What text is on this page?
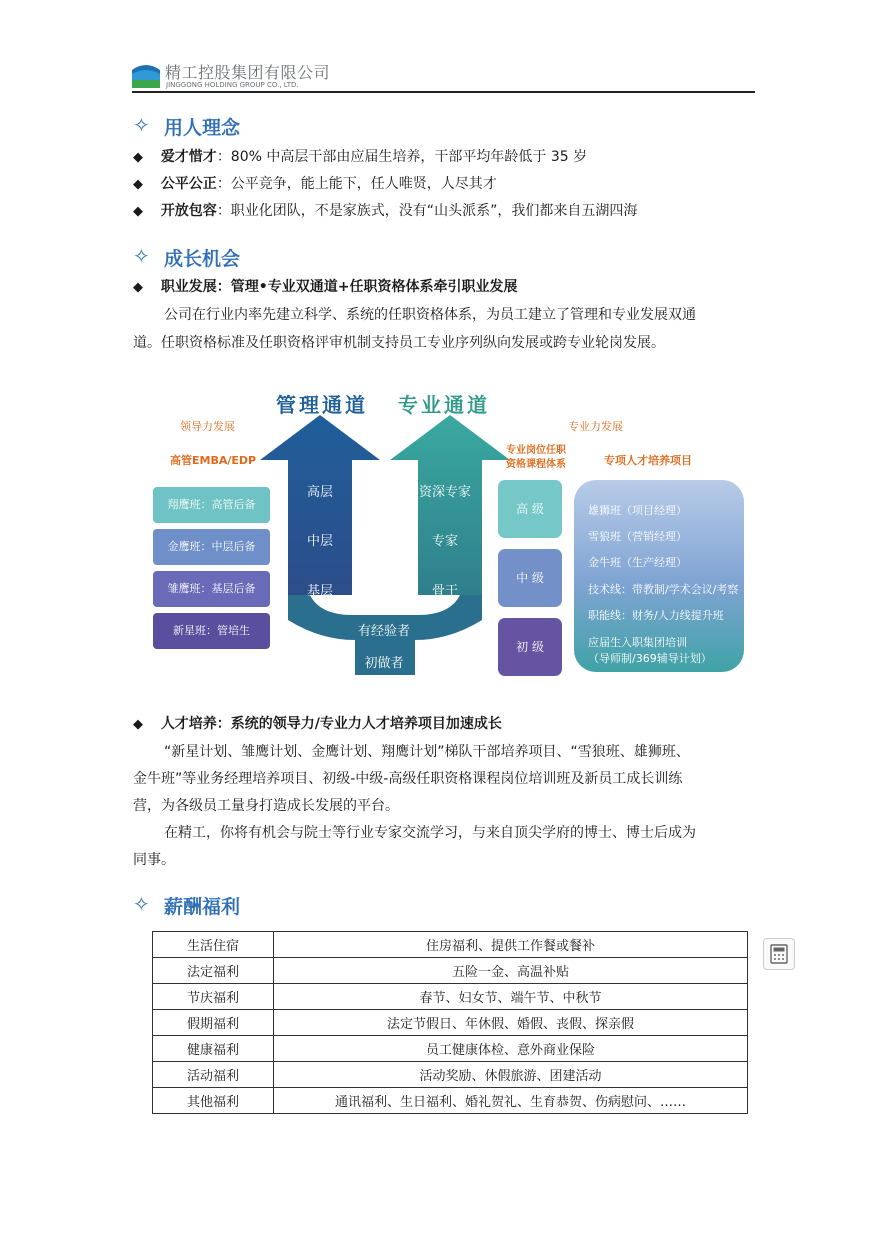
精工控股集团有限公司
JINGGONG HOLDING GROUP CO., LTD.
✧ 用人理念
◆ 爱才惜才：80% 中高层干部由应届生培养，干部平均年龄低于 35 岁
◆ 公平公正：公平竞争，能上能下，任人唯贤，人尽其才
◆ 开放包容：职业化团队，不是家族式，没有“山头派系”，我们都来自五湖四海
✧ 成长机会
◆ 职业发展：管理•专业双通道+任职资格体系牵引职业发展
公司在行业内率先建立科学、系统的任职资格体系，为员工建立了管理和专业发展双通
道。任职资格标准及任职资格评审机制支持员工专业序列纵向发展或跨专业轮岗发展。
管理通道 专业通道
领导力发展
高管EMBA/EDP
翔鹰班：高管后备
金鹰班：中层后备
雏鹰班：基层后备
新星班：管培生
高层
中层
基层
资深专家
专家
骨干
有经验者
初做者
专业力发展
专业岗位任职
资格课程体系	专项人才培养项目
高 级
中 级
初 级
雄狮班（项目经理）
雪狼班（营销经理）
金牛班（生产经理）
技术线：带教制/学术会议/考察
职能线：财务/人力线提升班
应届生入职集团培训
（导师制/369辅导计划）
◆ 人才培养：系统的领导力/专业力人才培养项目加速成长
“新星计划、雏鹰计划、金鹰计划、翔鹰计划”梯队干部培养项目、“雪狼班、雄狮班、
金牛班”等业务经理培养项目、初级-中级-高级任职资格课程岗位培训班及新员工成长训练
营，为各级员工量身打造成长发展的平台。
在精工，你将有机会与院士等行业专家交流学习，与来自顶尖学府的博士、博士后成为
同事。
✧ 薪酬福利
生活住宿	住房福利、提供工作餐或餐补
法定福利	五险一金、高温补贴
节庆福利	春节、妇女节、端午节、中秋节
假期福利	法定节假日、年休假、婚假、丧假、探亲假
健康福利	员工健康体检、意外商业保险
活动福利	活动奖励、休假旅游、团建活动
其他福利	通讯福利、生日福利、婚礼贺礼、生育恭贺、伤病慰问、……
